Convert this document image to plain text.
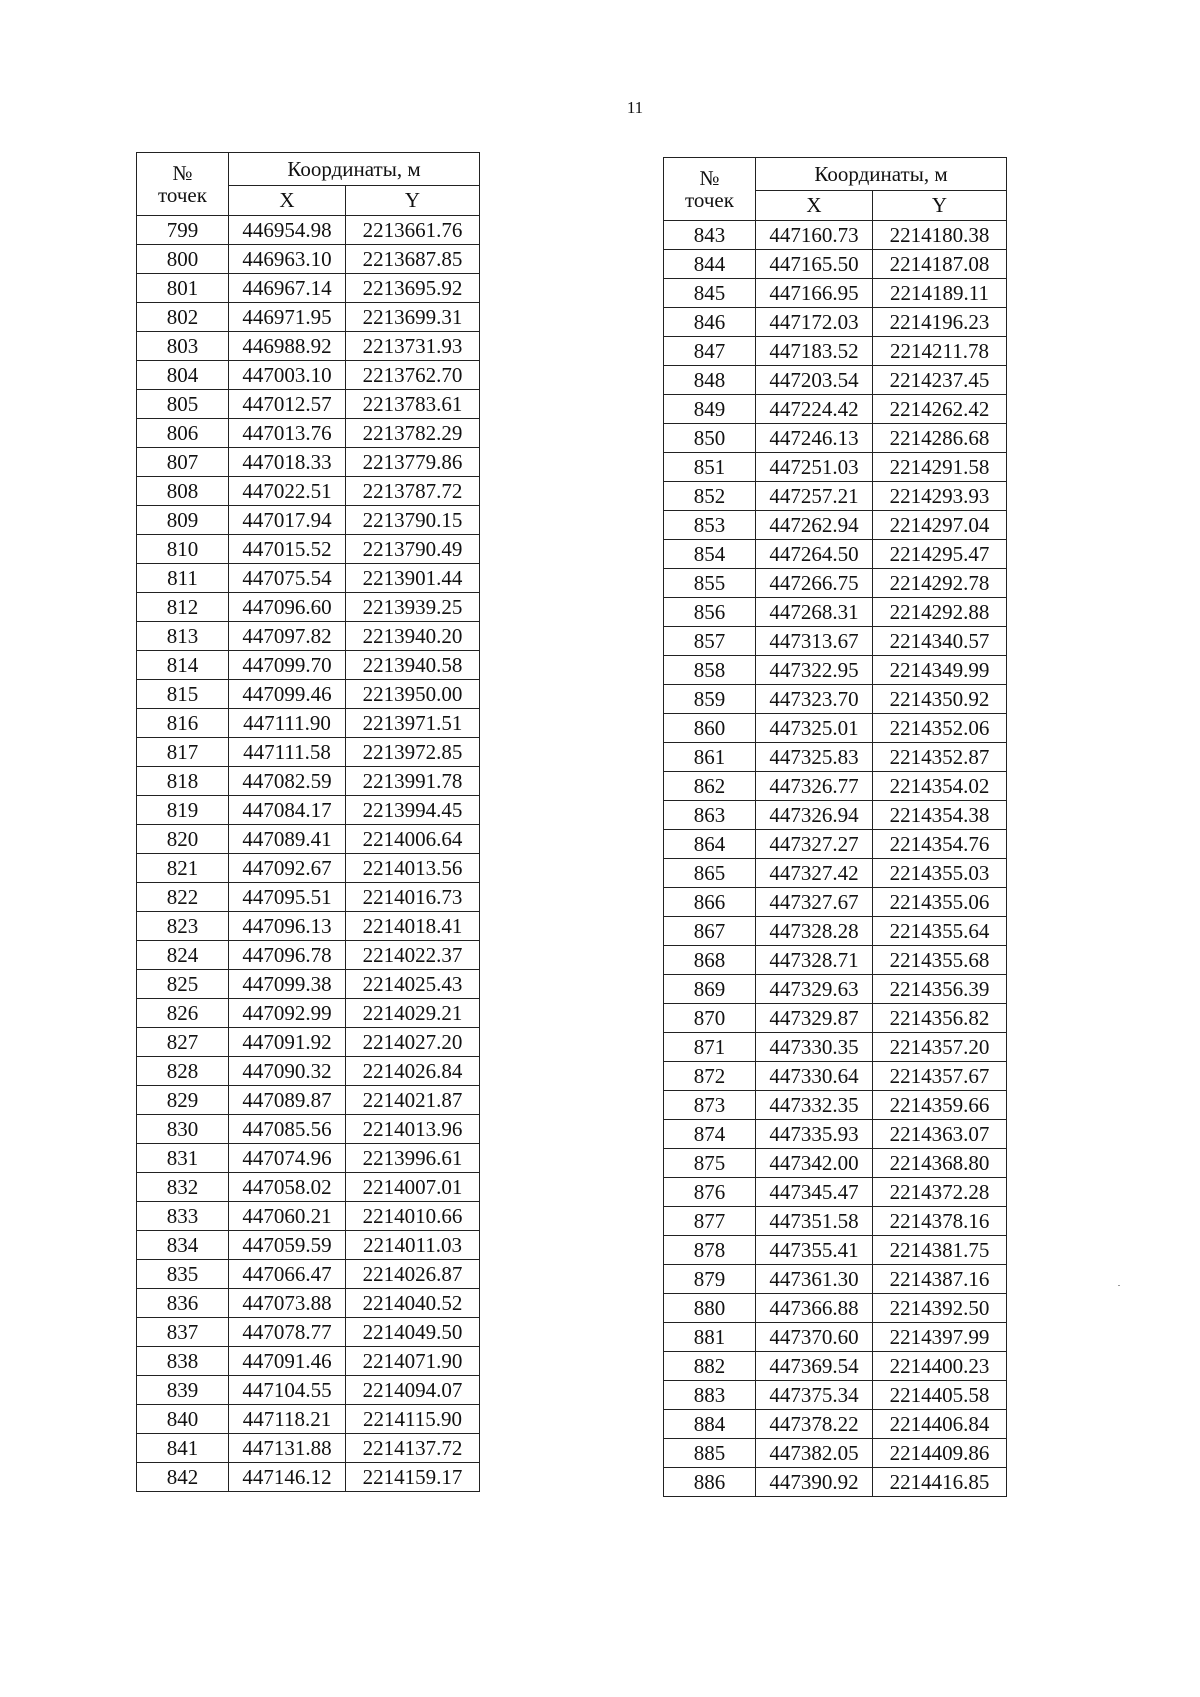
11
№
точек	Координаты, м	
	X	Y
799	446954.98	2213661.76
800	446963.10	2213687.85
801	446967.14	2213695.92
802	446971.95	2213699.31
803	446988.92	2213731.93
804	447003.10	2213762.70
805	447012.57	2213783.61
806	447013.76	2213782.29
807	447018.33	2213779.86
808	447022.51	2213787.72
809	447017.94	2213790.15
810	447015.52	2213790.49
811	447075.54	2213901.44
812	447096.60	2213939.25
813	447097.82	2213940.20
814	447099.70	2213940.58
815	447099.46	2213950.00
816	447111.90	2213971.51
817	447111.58	2213972.85
818	447082.59	2213991.78
819	447084.17	2213994.45
820	447089.41	2214006.64
821	447092.67	2214013.56
822	447095.51	2214016.73
823	447096.13	2214018.41
824	447096.78	2214022.37
825	447099.38	2214025.43
826	447092.99	2214029.21
827	447091.92	2214027.20
828	447090.32	2214026.84
829	447089.87	2214021.87
830	447085.56	2214013.96
831	447074.96	2213996.61
832	447058.02	2214007.01
833	447060.21	2214010.66
834	447059.59	2214011.03
835	447066.47	2214026.87
836	447073.88	2214040.52
837	447078.77	2214049.50
838	447091.46	2214071.90
839	447104.55	2214094.07
840	447118.21	2214115.90
841	447131.88	2214137.72
842	447146.12	2214159.17
№
точек	Координаты, м	
	X	Y
843	447160.73	2214180.38
844	447165.50	2214187.08
845	447166.95	2214189.11
846	447172.03	2214196.23
847	447183.52	2214211.78
848	447203.54	2214237.45
849	447224.42	2214262.42
850	447246.13	2214286.68
851	447251.03	2214291.58
852	447257.21	2214293.93
853	447262.94	2214297.04
854	447264.50	2214295.47
855	447266.75	2214292.78
856	447268.31	2214292.88
857	447313.67	2214340.57
858	447322.95	2214349.99
859	447323.70	2214350.92
860	447325.01	2214352.06
861	447325.83	2214352.87
862	447326.77	2214354.02
863	447326.94	2214354.38
864	447327.27	2214354.76
865	447327.42	2214355.03
866	447327.67	2214355.06
867	447328.28	2214355.64
868	447328.71	2214355.68
869	447329.63	2214356.39
870	447329.87	2214356.82
871	447330.35	2214357.20
872	447330.64	2214357.67
873	447332.35	2214359.66
874	447335.93	2214363.07
875	447342.00	2214368.80
876	447345.47	2214372.28
877	447351.58	2214378.16
878	447355.41	2214381.75
879	447361.30	2214387.16
880	447366.88	2214392.50
881	447370.60	2214397.99
882	447369.54	2214400.23
883	447375.34	2214405.58
884	447378.22	2214406.84
885	447382.05	2214409.86
886	447390.92	2214416.85
